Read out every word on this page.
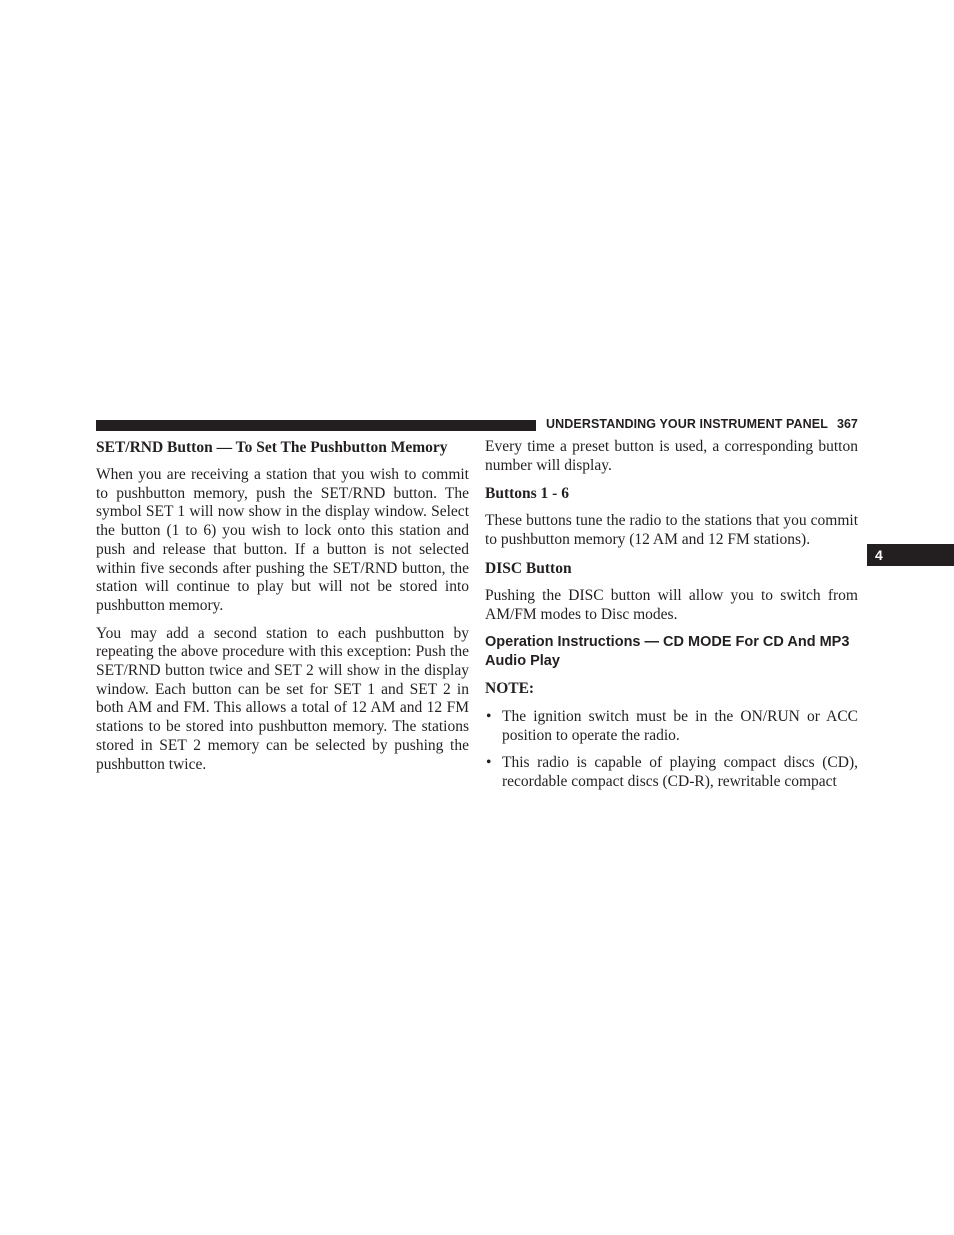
UNDERSTANDING YOUR INSTRUMENT PANEL 367
4
SET/RND Button — To Set The Pushbutton Memory

When you are receiving a station that you wish to commit to pushbutton memory, push the SET/RND button. The symbol SET 1 will now show in the display window. Select the button (1 to 6) you wish to lock onto this station and push and release that button. If a button is not selected within five seconds after pushing the SET/RND button, the station will continue to play but will not be stored into pushbutton memory.

You may add a second station to each pushbutton by repeating the above procedure with this exception: Push the SET/RND button twice and SET 2 will show in the display window. Each button can be set for SET 1 and SET 2 in both AM and FM. This allows a total of 12 AM and 12 FM stations to be stored into pushbutton memory. The stations stored in SET 2 memory can be selected by pushing the pushbutton twice.

Every time a preset button is used, a corresponding button number will display.

Buttons 1 - 6

These buttons tune the radio to the stations that you commit to pushbutton memory (12 AM and 12 FM stations).

DISC Button

Pushing the DISC button will allow you to switch from AM/FM modes to Disc modes.

Operation Instructions — CD MODE For CD And MP3 Audio Play

NOTE:

• The ignition switch must be in the ON/RUN or ACC position to operate the radio.
• This radio is capable of playing compact discs (CD), recordable compact discs (CD-R), rewritable compact
